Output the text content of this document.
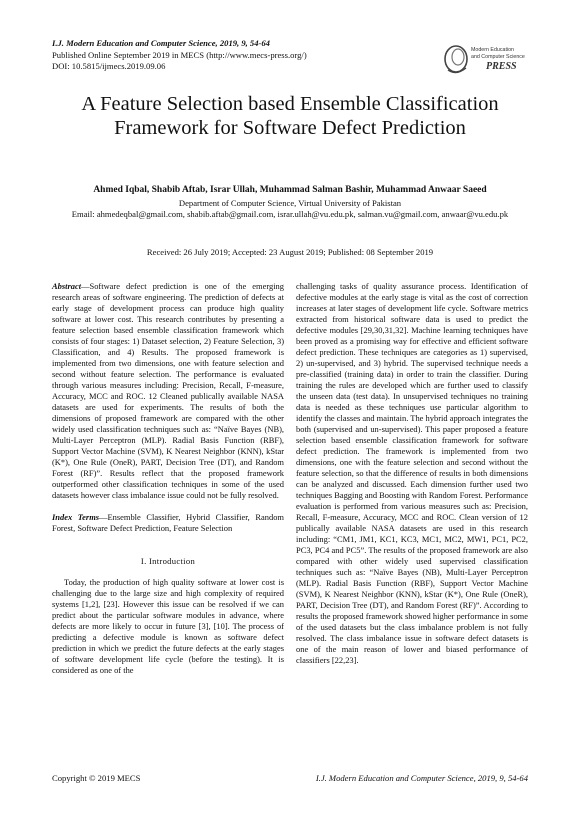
I.J. Modern Education and Computer Science, 2019, 9, 54-64
Published Online September 2019 in MECS (http://www.mecs-press.org/)
DOI: 10.5815/ijmecs.2019.09.06
Modern Education
and Computer Science
PRESS
A Feature Selection based Ensemble Classification Framework for Software Defect Prediction
Ahmed Iqbal, Shabib Aftab, Israr Ullah, Muhammad Salman Bashir, Muhammad Anwaar Saeed
Department of Computer Science, Virtual University of Pakistan
Email: ahmedeqbal@gmail.com, shabib.aftab@gmail.com, israr.ullah@vu.edu.pk, salman.vu@gmail.com, anwaar@vu.edu.pk
Received: 26 July 2019; Accepted: 23 August 2019; Published: 08 September 2019

Abstract—Software defect prediction is one of the emerging research areas of software engineering. The prediction of defects at early stage of development process can produce high quality software at lower cost. This research contributes by presenting a feature selection based ensemble classification framework which consists of four stages: 1) Dataset selection, 2) Feature Selection, 3) Classification, and 4) Results. The proposed framework is implemented from two dimensions, one with feature selection and second without feature selection. The performance is evaluated through various measures including: Precision, Recall, F-measure, Accuracy, MCC and ROC. 12 Cleaned publically available NASA datasets are used for experiments. The results of both the dimensions of proposed framework are compared with the other widely used classification techniques such as: “Naïve Bayes (NB), Multi-Layer Perceptron (MLP). Radial Basis Function (RBF), Support Vector Machine (SVM), K Nearest Neighbor (KNN), kStar (K*), One Rule (OneR), PART, Decision Tree (DT), and Random Forest (RF)”. Results reflect that the proposed framework outperformed other classification techniques in some of the used datasets however class imbalance issue could not be fully resolved.

Index Terms—Ensemble Classifier, Hybrid Classifier, Random Forest, Software Defect Prediction, Feature Selection

I. Introduction

Today, the production of high quality software at lower cost is challenging due to the large size and high complexity of required systems [1,2], [23]. However this issue can be resolved if we can predict about the particular software modules in advance, where defects are more likely to occur in future [3], [10]. The process of predicting a defective module is known as software defect prediction in which we predict the future defects at the early stages of software development life cycle (before the testing). It is considered as one of the

challenging tasks of quality assurance process. Identification of defective modules at the early stage is vital as the cost of correction increases at later stages of development life cycle. Software metrics extracted from historical software data is used to predict the defective modules [29,30,31,32]. Machine learning techniques have been proved as a promising way for effective and efficient software defect prediction. These techniques are categories as 1) supervised, 2) un-supervised, and 3) hybrid. The supervised technique needs a pre-classified (training data) in order to train the classifier. During training the rules are developed which are further used to classify the unseen data (test data). In unsupervised techniques no training data is needed as these techniques use particular algorithm to identify the classes and maintain. The hybrid approach integrates the both (supervised and un-supervised). This paper proposed a feature selection based ensemble classification framework for software defect prediction. The framework is implemented from two dimensions, one with the feature selection and second without the feature selection, so that the difference of results in both dimensions can be analyzed and discussed. Each dimension further used two techniques Bagging and Boosting with Random Forest. Performance evaluation is performed from various measures such as: Precision, Recall, F-measure, Accuracy, MCC and ROC. Clean version of 12 publically available NASA datasets are used in this research including: “CM1, JM1, KC1, KC3, MC1, MC2, MW1, PC1, PC2, PC3, PC4 and PC5”. The results of the proposed framework are also compared with other widely used supervised classification techniques such as: “Naïve Bayes (NB), Multi-Layer Perceptron (MLP). Radial Basis Function (RBF), Support Vector Machine (SVM), K Nearest Neighbor (KNN), kStar (K*), One Rule (OneR), PART, Decision Tree (DT), and Random Forest (RF)”. According to results the proposed framework showed higher performance in some of the used datasets but the class imbalance problem is not fully resolved. The class imbalance issue in software defect datasets is one of the main reason of lower and biased performance of classifiers [22,23].

Copyright © 2019 MECS	I.J. Modern Education and Computer Science, 2019, 9, 54-64
